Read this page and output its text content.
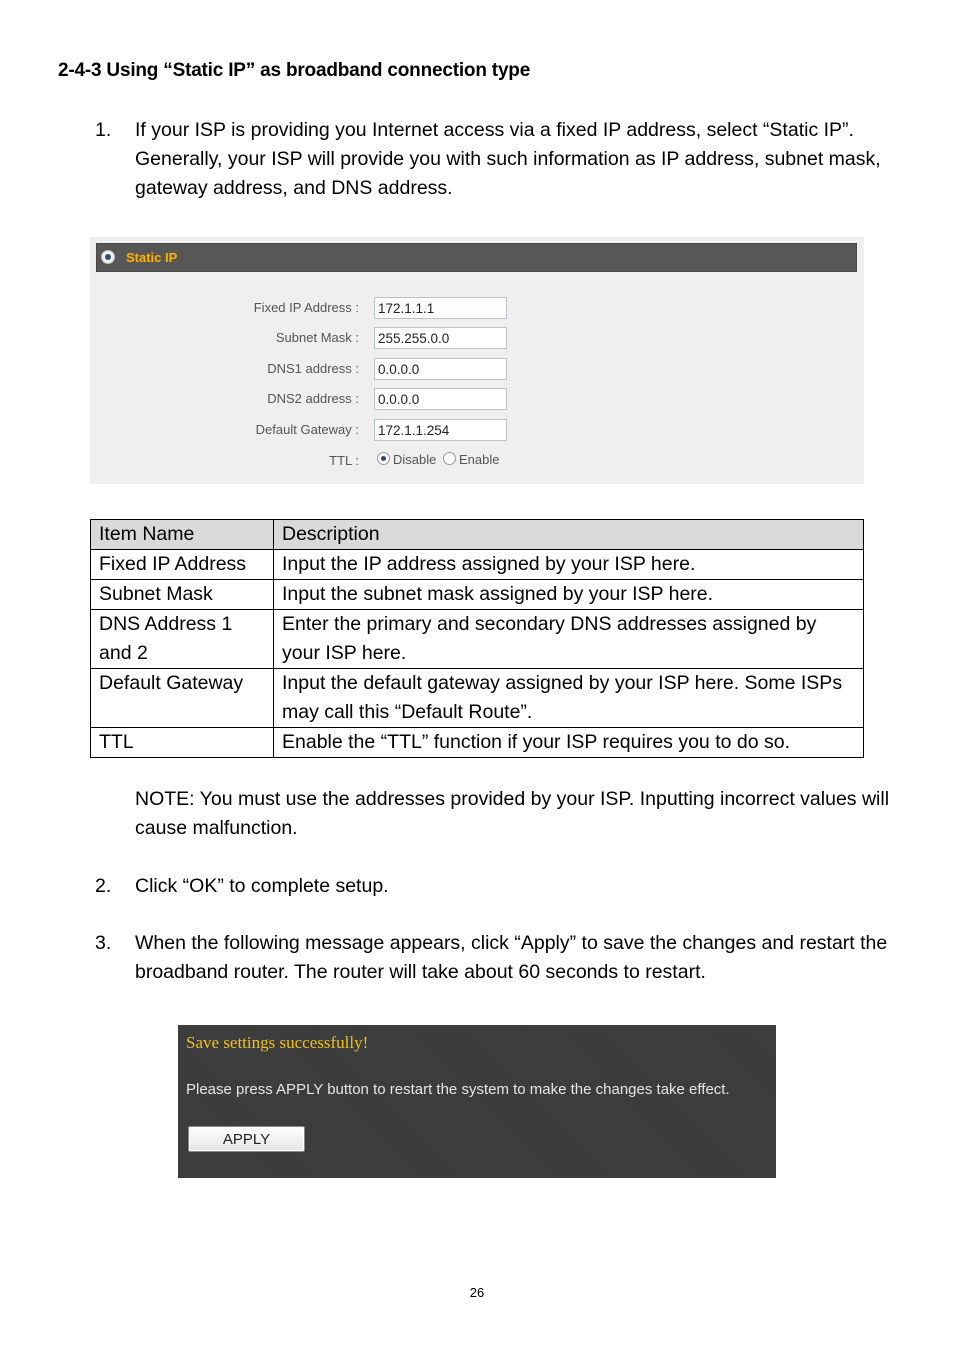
2-4-3 Using “Static IP” as broadband connection type
1. If your ISP is providing you Internet access via a fixed IP address, select “Static IP”. Generally, your ISP will provide you with such information as IP address, subnet mask, gateway address, and DNS address.
Static IP
Fixed IP Address :
172.1.1.1
Subnet Mask :
255.255.0.0
DNS1 address :
0.0.0.0
DNS2 address :
0.0.0.0
Default Gateway :
172.1.1.254
TTL :	Disable Enable
Item Name	Description
Fixed IP Address	Input the IP address assigned by your ISP here.
Subnet Mask	Input the subnet mask assigned by your ISP here.
DNS Address 1 and 2	Enter the primary and secondary DNS addresses assigned by your ISP here.
Default Gateway	Input the default gateway assigned by your ISP here. Some ISPs may call this “Default Route”.
TTL	Enable the “TTL” function if your ISP requires you to do so.
NOTE: You must use the addresses provided by your ISP. Inputting incorrect values will cause malfunction.
2. Click “OK” to complete setup.
3. When the following message appears, click “Apply” to save the changes and restart the broadband router. The router will take about 60 seconds to restart.
Save settings successfully!
Please press APPLY button to restart the system to make the changes take effect.
APPLY
26
